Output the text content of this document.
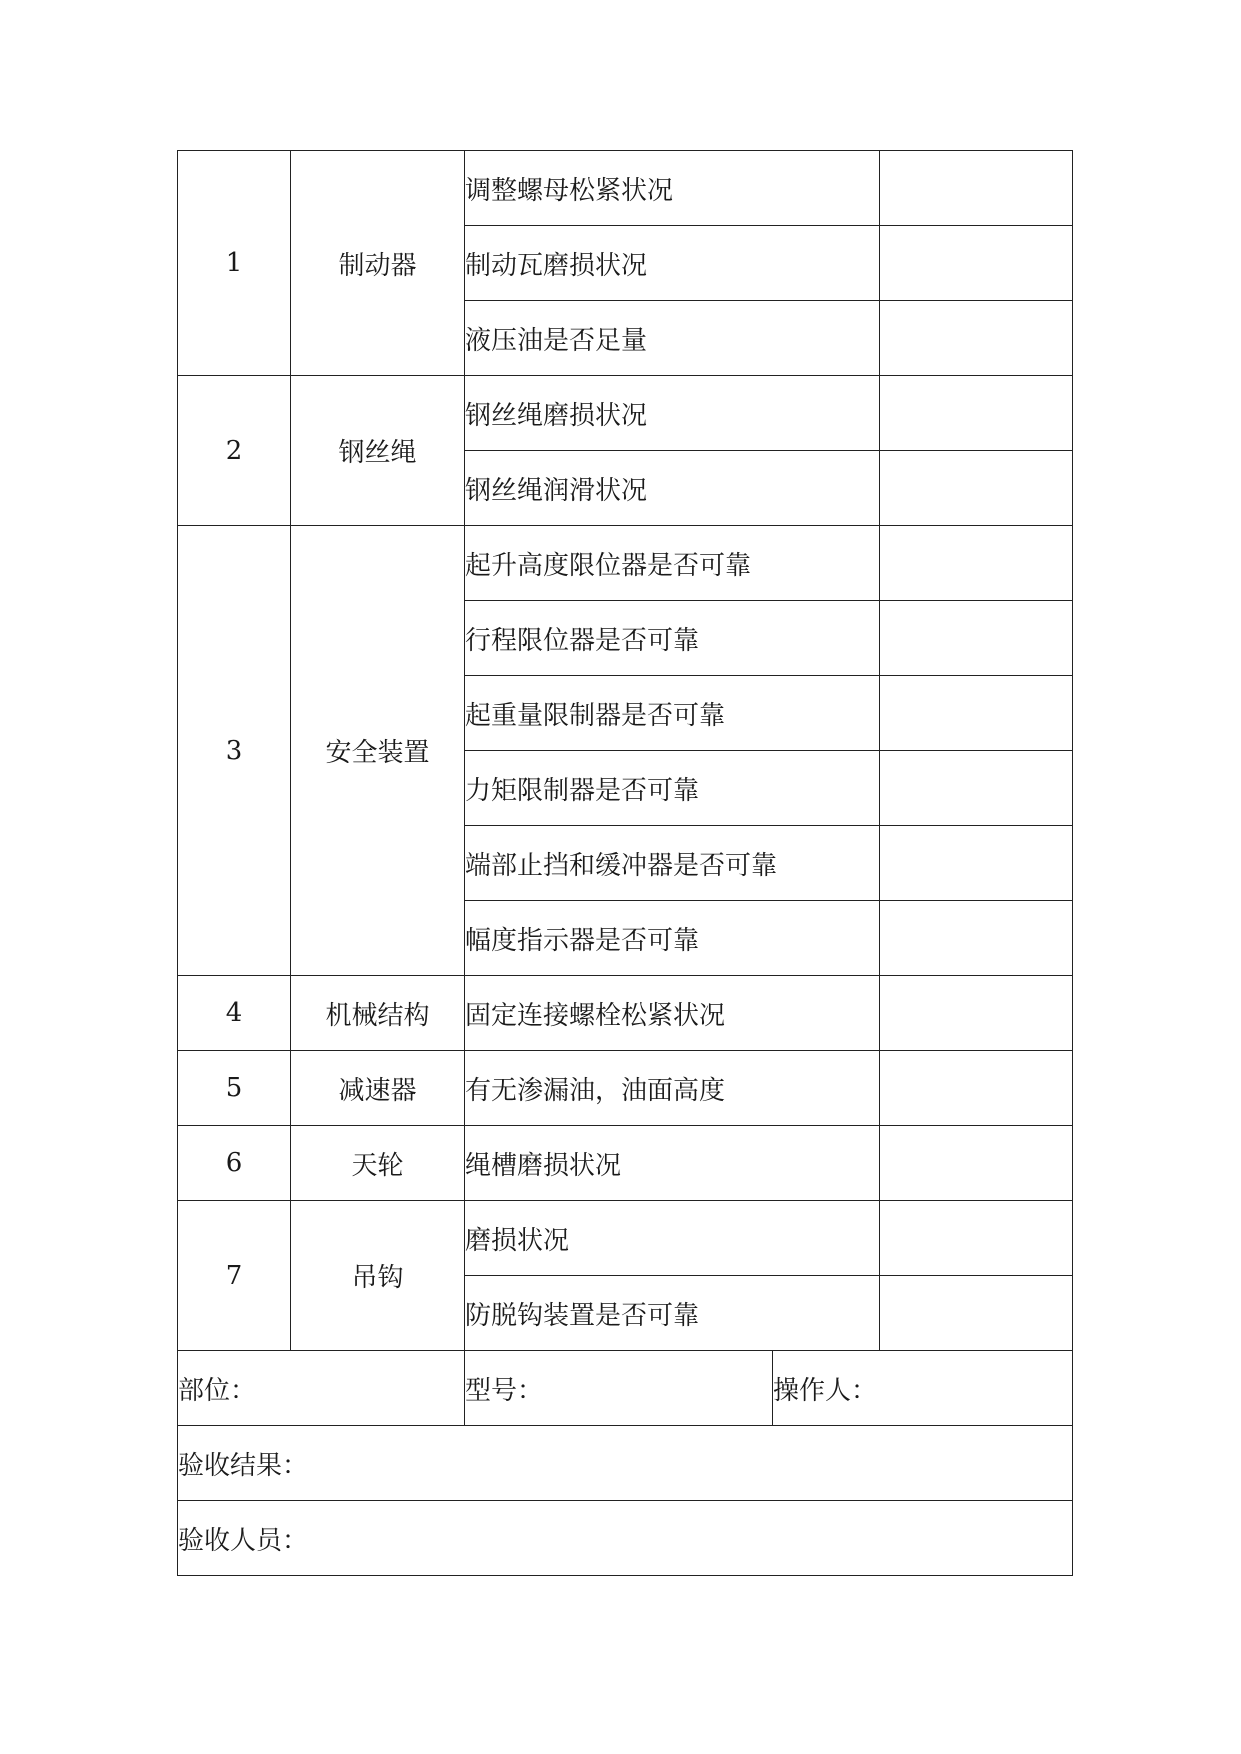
1	制动器	调整螺母松紧状况		
		制动瓦磨损状况		
		液压油是否足量		
2	钢丝绳	钢丝绳磨损状况		
		钢丝绳润滑状况		
3	安全装置	起升高度限位器是否可靠		
		行程限位器是否可靠		
		起重量限制器是否可靠		
		力矩限制器是否可靠		
		端部止挡和缓冲器是否可靠		
		幅度指示器是否可靠		
4	机械结构	固定连接螺栓松紧状况		
5	减速器	有无渗漏油，油面高度		
6	天轮	绳槽磨损状况		
7	吊钩	磨损状况		
		防脱钩装置是否可靠		
部位：		型号：	操作人：	
验收结果：				
验收人员：				
